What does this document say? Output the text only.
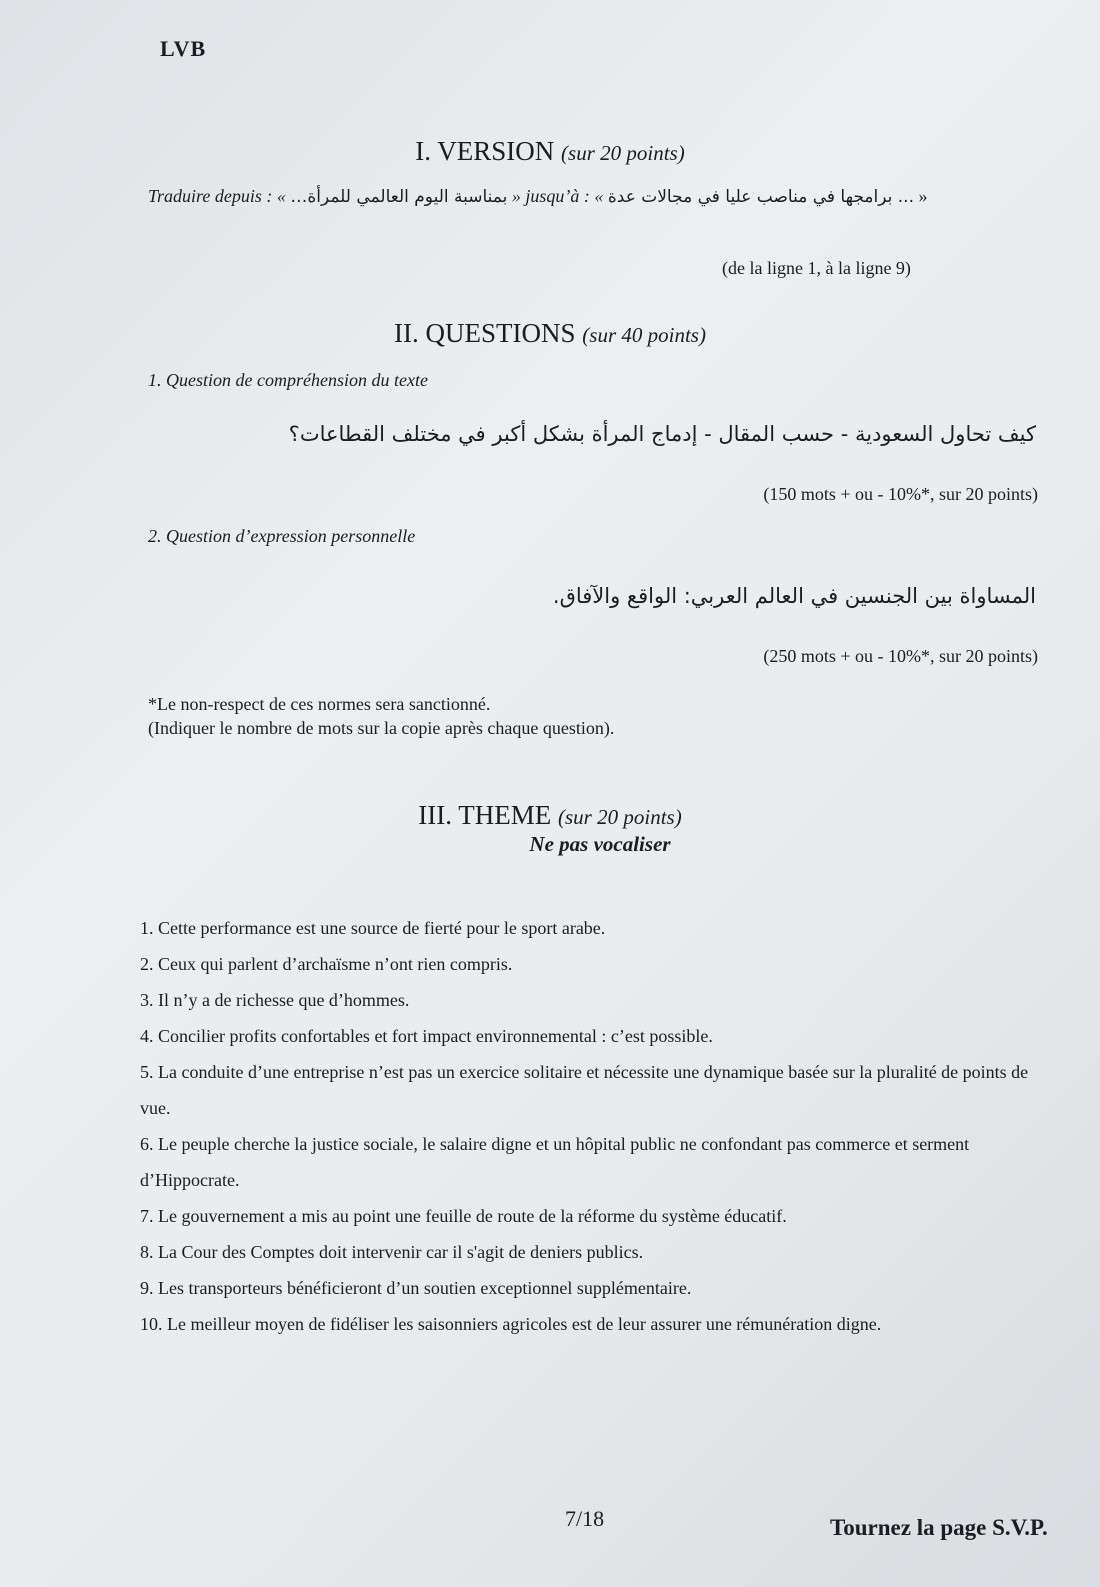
LVB
I. VERSION (sur 20 points)
Traduire depuis : « بمناسبة اليوم العالمي للمرأة… » jusqu’à : « ... برامجها في مناصب عليا في مجالات عدة »
(de la ligne 1, à la ligne 9)
II. QUESTIONS (sur 40 points)
1. Question de compréhension du texte
كيف تحاول السعودية - حسب المقال - إدماج المرأة بشكل أكبر في مختلف القطاعات؟
(150 mots + ou - 10%*, sur 20 points)
2. Question d’expression personnelle
المساواة بين الجنسين في العالم العربي: الواقع والآفاق.
(250 mots + ou - 10%*, sur 20 points)
*Le non-respect de ces normes sera sanctionné.
(Indiquer le nombre de mots sur la copie après chaque question).
III. THEME (sur 20 points)
Ne pas vocaliser
1. Cette performance est une source de fierté pour le sport arabe.
2. Ceux qui parlent d’archaïsme n’ont rien compris.
3. Il n’y a de richesse que d’hommes.
4. Concilier profits confortables et fort impact environnemental : c’est possible.
5. La conduite d’une entreprise n’est pas un exercice solitaire et nécessite une dynamique basée sur la pluralité de points de vue.
6. Le peuple cherche la justice sociale, le salaire digne et un hôpital public ne confondant pas commerce et serment d’Hippocrate.
7. Le gouvernement a mis au point une feuille de route de la réforme du système éducatif.
8. La Cour des Comptes doit intervenir car il s'agit de deniers publics.
9. Les transporteurs bénéficieront d’un soutien exceptionnel supplémentaire.
10. Le meilleur moyen de fidéliser les saisonniers agricoles est de leur assurer une rémunération digne.
7/18	Tournez la page S.V.P.
